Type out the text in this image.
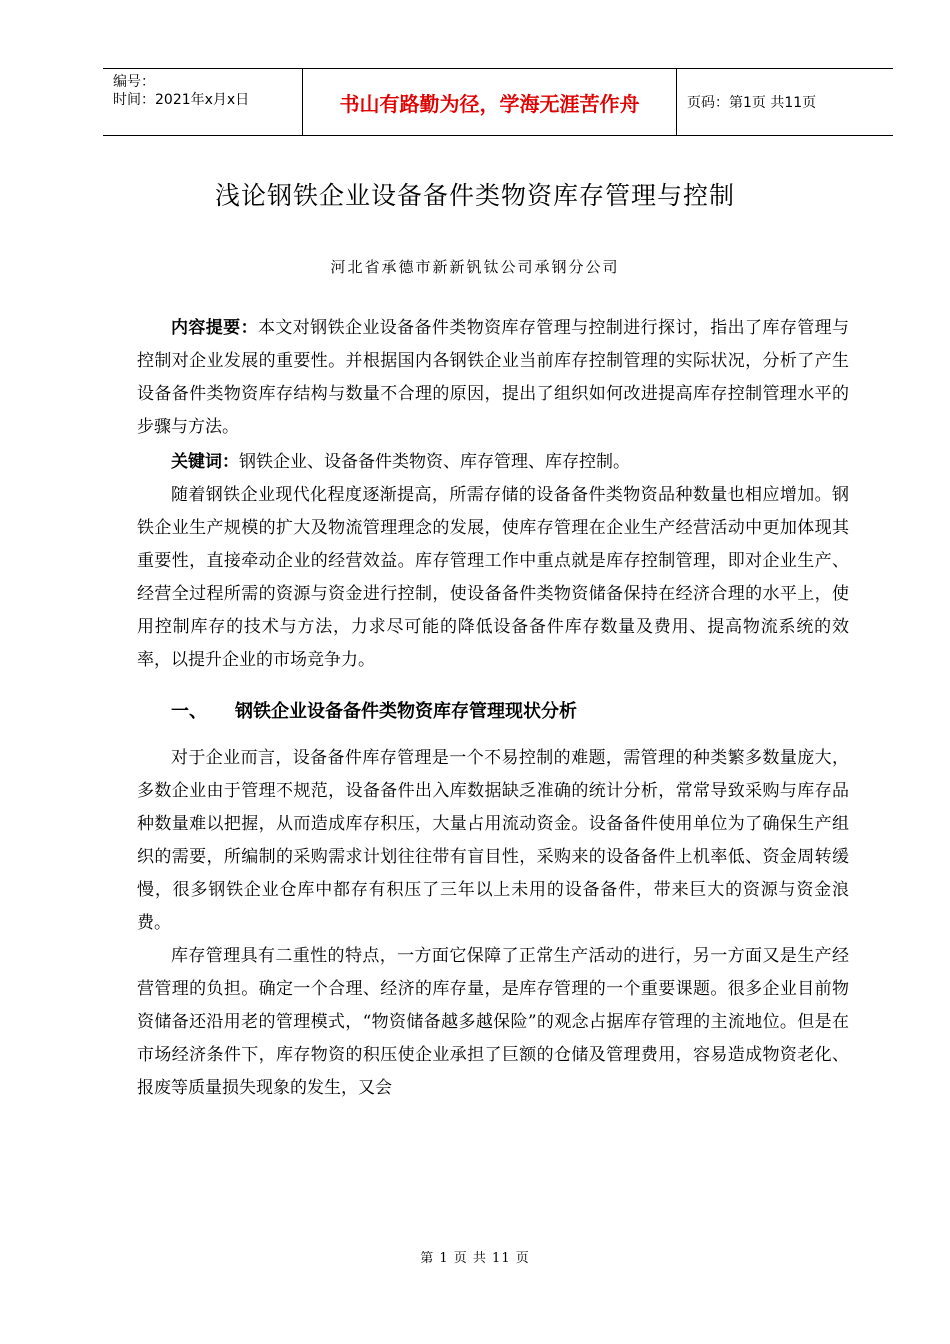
编号：
时间：2021年x月x日	书山有路勤为径，学海无涯苦作舟	页码：第1页 共11页
浅论钢铁企业设备备件类物资库存管理与控制
河北省承德市新新钒钛公司承钢分公司

内容提要：本文对钢铁企业设备备件类物资库存管理与控制进行探讨，指出了库存管理与控制对企业发展的重要性。并根据国内各钢铁企业当前库存控制管理的实际状况，分析了产生设备备件类物资库存结构与数量不合理的原因，提出了组织如何改进提高库存控制管理水平的步骤与方法。

关键词：钢铁企业、设备备件类物资、库存管理、库存控制。

随着钢铁企业现代化程度逐渐提高，所需存储的设备备件类物资品种数量也相应增加。钢铁企业生产规模的扩大及物流管理理念的发展，使库存管理在企业生产经营活动中更加体现其重要性，直接牵动企业的经营效益。库存管理工作中重点就是库存控制管理，即对企业生产、经营全过程所需的资源与资金进行控制，使设备备件类物资储备保持在经济合理的水平上，使用控制库存的技术与方法，力求尽可能的降低设备备件库存数量及费用、提高物流系统的效率，以提升企业的市场竞争力。

一、 钢铁企业设备备件类物资库存管理现状分析

对于企业而言，设备备件库存管理是一个不易控制的难题，需管理的种类繁多数量庞大，多数企业由于管理不规范，设备备件出入库数据缺乏准确的统计分析，常常导致采购与库存品种数量难以把握，从而造成库存积压，大量占用流动资金。设备备件使用单位为了确保生产组织的需要，所编制的采购需求计划往往带有盲目性，采购来的设备备件上机率低、资金周转缓慢，很多钢铁企业仓库中都存有积压了三年以上未用的设备备件，带来巨大的资源与资金浪费。

库存管理具有二重性的特点，一方面它保障了正常生产活动的进行，另一方面又是生产经营管理的负担。确定一个合理、经济的库存量，是库存管理的一个重要课题。很多企业目前物资储备还沿用老的管理模式，“物资储备越多越保险”的观念占据库存管理的主流地位。但是在市场经济条件下，库存物资的积压使企业承担了巨额的仓储及管理费用，容易造成物资老化、报废等质量损失现象的发生，又会

第 1 页 共 11 页
